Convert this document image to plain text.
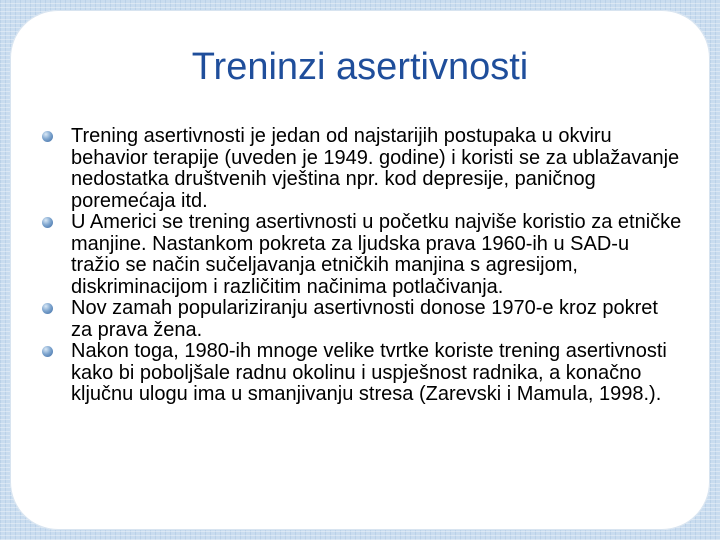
Treninzi asertivnosti
Trening asertivnosti je jedan od najstarijih postupaka u okviru behavior terapije (uveden je 1949. godine) i koristi se za ublažavanje nedostatka društvenih vještina npr. kod depresije, paničnog poremećaja itd.
U Americi se trening asertivnosti u početku najviše koristio za etničke manjine. Nastankom pokreta za ljudska prava 1960-ih u SAD-u tražio se način sučeljavanja etničkih manjina s agresijom, diskriminacijom i različitim načinima potlačivanja.
Nov zamah populariziranju asertivnosti donose 1970-e kroz pokret za prava žena.
Nakon toga, 1980-ih mnoge velike tvrtke koriste trening asertivnosti kako bi poboljšale radnu okolinu i uspješnost radnika, a konačno ključnu ulogu ima u smanjivanju stresa (Zarevski i Mamula, 1998.).
